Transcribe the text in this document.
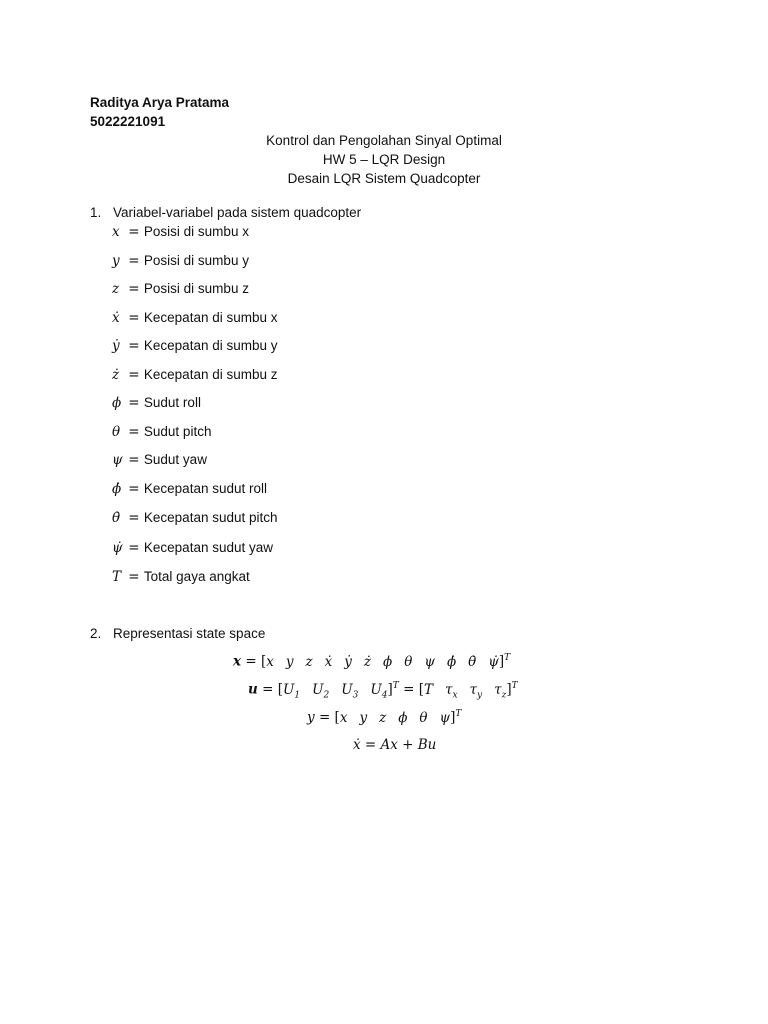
Raditya Arya Pratama
5022221091
Kontrol dan Pengolahan Sinyal Optimal
HW 5 – LQR Design
Desain LQR Sistem Quadcopter
1. Variabel-variabel pada sistem quadcopter
x = Posisi di sumbu x
y = Posisi di sumbu y
z = Posisi di sumbu z
ẋ = Kecepatan di sumbu x
ẏ = Kecepatan di sumbu y
ż = Kecepatan di sumbu z
ϕ = Sudut roll
θ = Sudut pitch
ψ = Sudut yaw
ϕ̇ = Kecepatan sudut roll
θ̇ = Kecepatan sudut pitch
ψ̇ = Kecepatan sudut yaw
T = Total gaya angkat
2. Representasi state space
x = [x y z ẋ ẏ ż ϕ θ ψ ϕ̇ θ̇ ψ̇]$^T$
$u = [U_1$ $U_2$ $U_3$ $U_4]^T = [T$ $\tau_x$ $\tau_y$ $\tau_z]^T$
y = [x y z ϕ θ ψ]$^T$
ẋ = Ax + Bu
